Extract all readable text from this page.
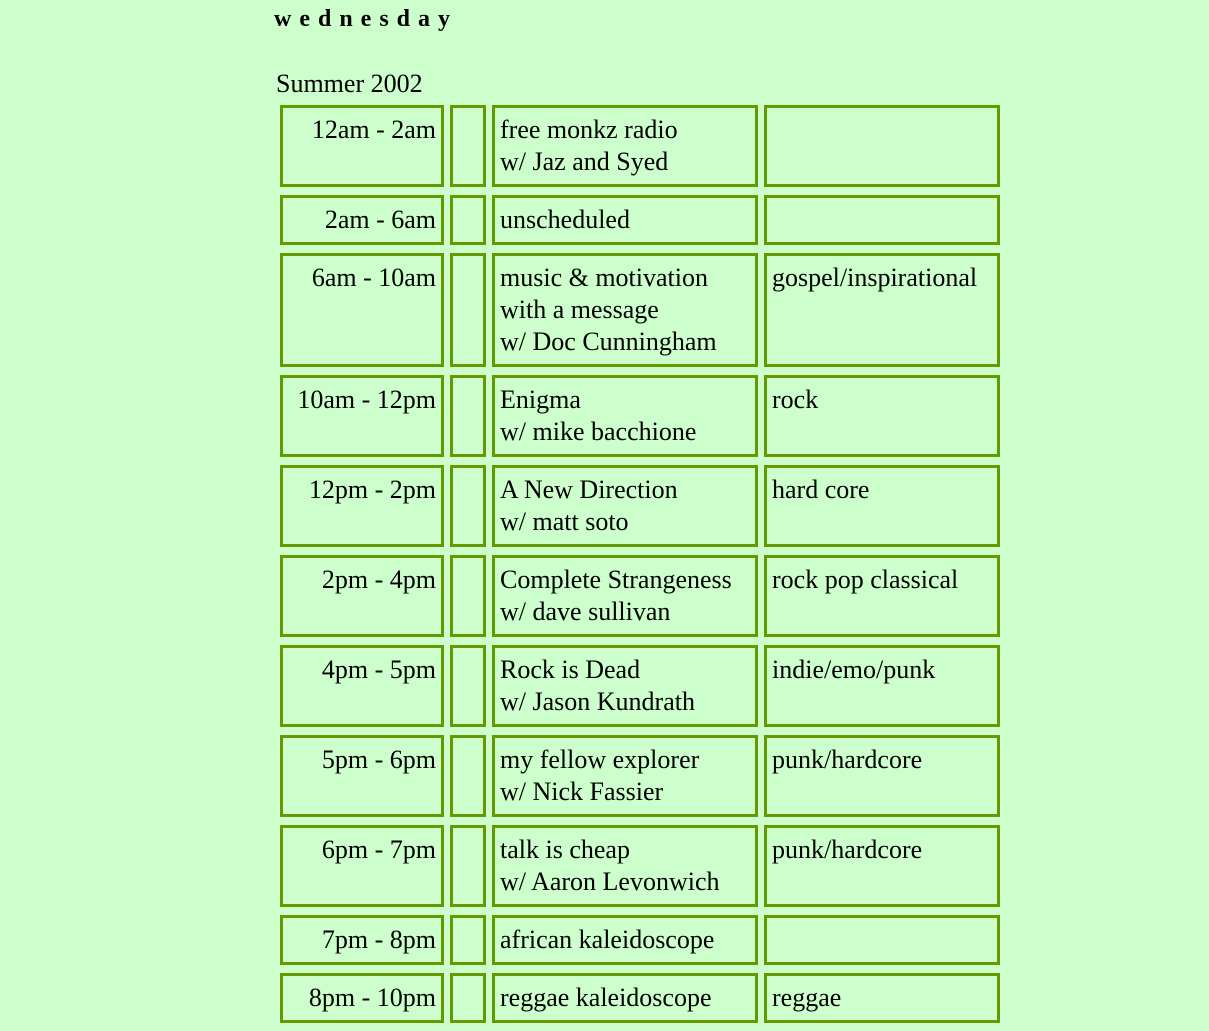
wednesday
Summer 2002
12am - 2am		free monkz radio
w/ Jaz and Syed	

2am - 6am		unscheduled	

6am - 10am		music & motivation
with a message
w/ Doc Cunningham	gospel/inspirational
10am - 12pm		Enigma
w/ mike bacchione	rock
12pm - 2pm		A New Direction
w/ matt soto	hard core
2pm - 4pm		Complete Strangeness
w/ dave sullivan	rock pop classical
4pm - 5pm		Rock is Dead
w/ Jason Kundrath	indie/emo/punk
5pm - 6pm		my fellow explorer
w/ Nick Fassier	punk/hardcore
6pm - 7pm		talk is cheap
w/ Aaron Levonwich	punk/hardcore
7pm - 8pm		african kaleidoscope	

8pm - 10pm		reggae kaleidoscope	reggae
